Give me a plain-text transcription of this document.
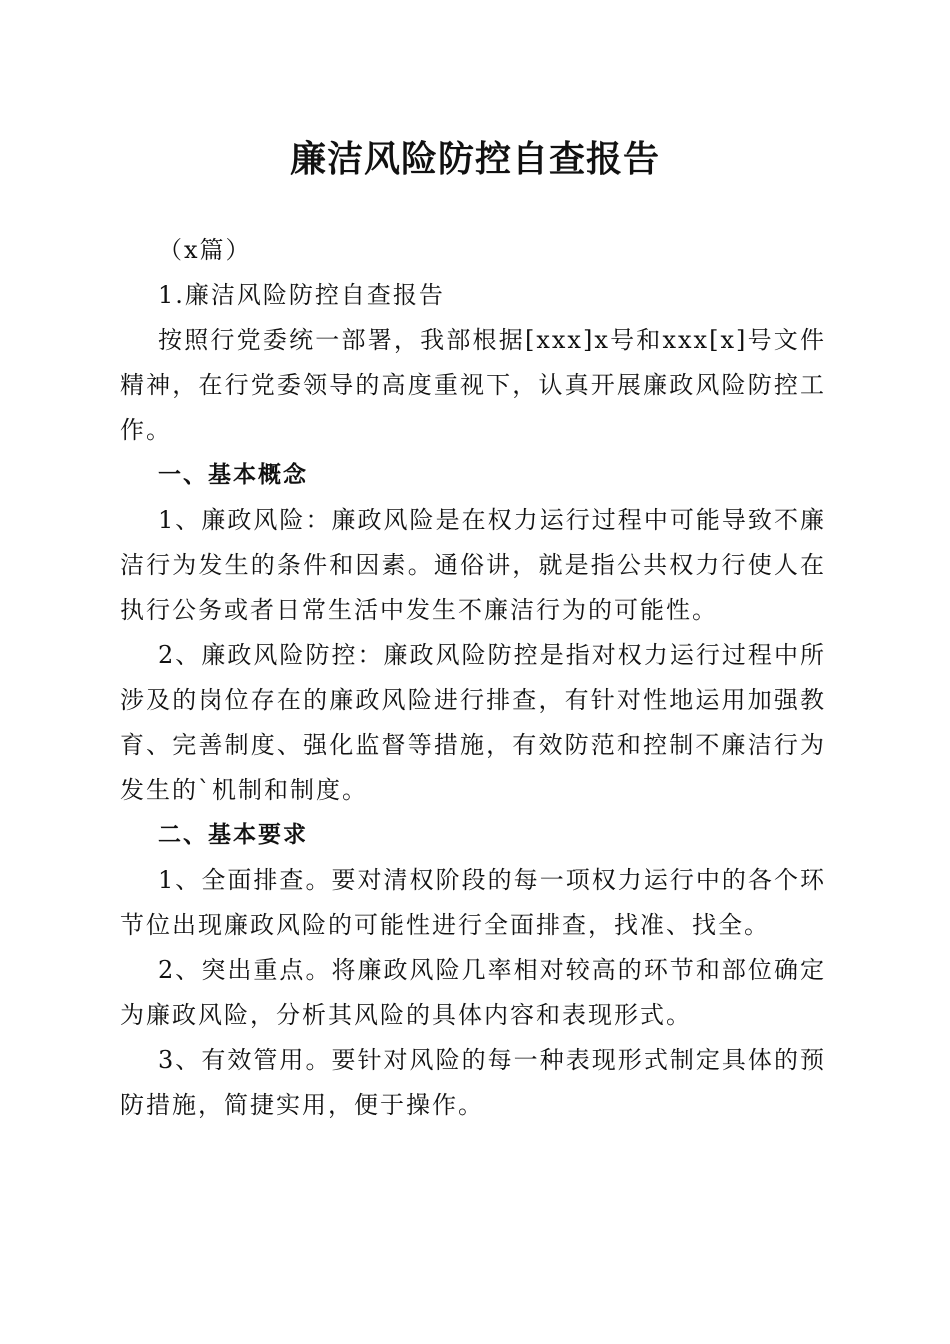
廉洁风险防控自查报告

（x篇）

1.廉洁风险防控自查报告

按照行党委统一部署，我部根据[xxx]x号和xxx[x]号文件精神，在行党委领导的高度重视下，认真开展廉政风险防控工作。

一、基本概念

1、廉政风险：廉政风险是在权力运行过程中可能导致不廉洁行为发生的条件和因素。通俗讲，就是指公共权力行使人在执行公务或者日常生活中发生不廉洁行为的可能性。

2、廉政风险防控：廉政风险防控是指对权力运行过程中所涉及的岗位存在的廉政风险进行排查，有针对性地运用加强教育、完善制度、强化监督等措施，有效防范和控制不廉洁行为发生的`机制和制度。

二、基本要求

1、全面排查。要对清权阶段的每一项权力运行中的各个环节位出现廉政风险的可能性进行全面排查，找准、找全。

2、突出重点。将廉政风险几率相对较高的环节和部位确定为廉政风险，分析其风险的具体内容和表现形式。

3、有效管用。要针对风险的每一种表现形式制定具体的预防措施，简捷实用，便于操作。
